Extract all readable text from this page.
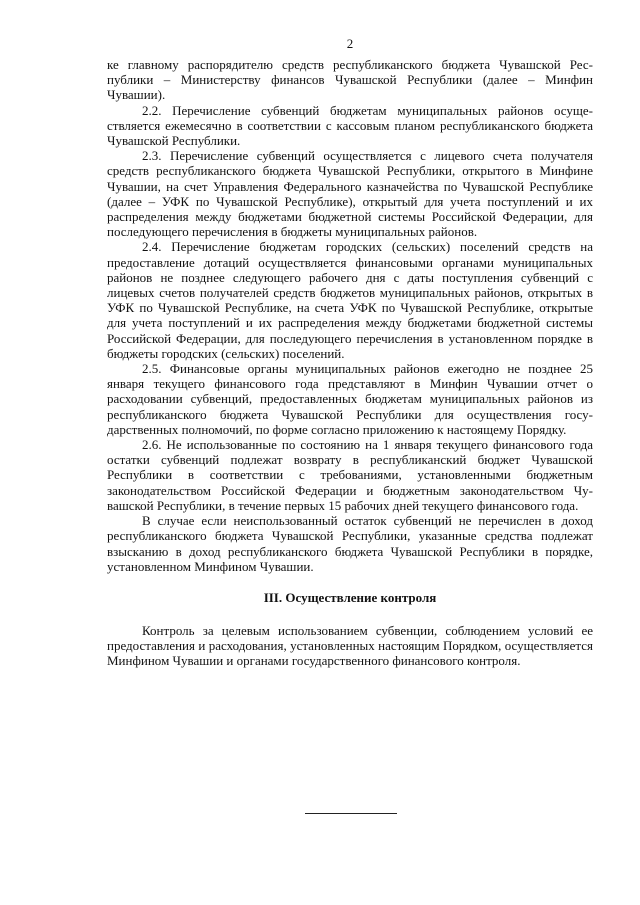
2

ке главному распорядителю средств республиканского бюджета Чувашской Республики – Министерству финансов Чувашской Республики (далее – Минфин Чувашии).

2.2. Перечисление субвенций бюджетам муниципальных районов осуществляется ежемесячно в соответствии с кассовым планом республиканского бюджета Чувашской Республики.

2.3. Перечисление субвенций осуществляется с лицевого счета получателя средств республиканского бюджета Чувашской Республики, открытого в Минфине Чувашии, на счет Управления Федерального казначейства по Чувашской Республике (далее – УФК по Чувашской Республике), открытый для учета поступлений и их распределения между бюджетами бюджетной системы Российской Федерации, для последующего перечисления в бюджеты муниципальных районов.

2.4. Перечисление бюджетам городских (сельских) поселений средств на предоставление дотаций осуществляется финансовыми органами муниципальных районов не позднее следующего рабочего дня с даты поступления субвенций с лицевых счетов получателей средств бюджетов муниципальных районов, открытых в УФК по Чувашской Республике, на счета УФК по Чувашской Республике, открытые для учета поступлений и их распределения между бюджетами бюджетной системы Российской Федерации, для последующего перечисления в установленном порядке в бюджеты городских (сельских) поселений.

2.5. Финансовые органы муниципальных районов ежегодно не позднее 25 января текущего финансового года представляют в Минфин Чувашии отчет о расходовании субвенций, предоставленных бюджетам муниципальных районов из республиканского бюджета Чувашской Республики для осуществления государственных полномочий, по форме согласно приложению к настоящему Порядку.

2.6. Не использованные по состоянию на 1 января текущего финансового года остатки субвенций подлежат возврату в республиканский бюджет Чувашской Республики в соответствии с требованиями, установленными бюджетным законодательством Российской Федерации и бюджетным законодательством Чувашской Республики, в течение первых 15 рабочих дней текущего финансового года.

В случае если неиспользованный остаток субвенций не перечислен в доход республиканского бюджета Чувашской Республики, указанные средства подлежат взысканию в доход республиканского бюджета Чувашской Республики в порядке, установленном Минфином Чувашии.

III. Осуществление контроля

Контроль за целевым использованием субвенции, соблюдением условий ее предоставления и расходования, установленных настоящим Порядком, осуществляется Минфином Чувашии и органами государственного финансового контроля.
